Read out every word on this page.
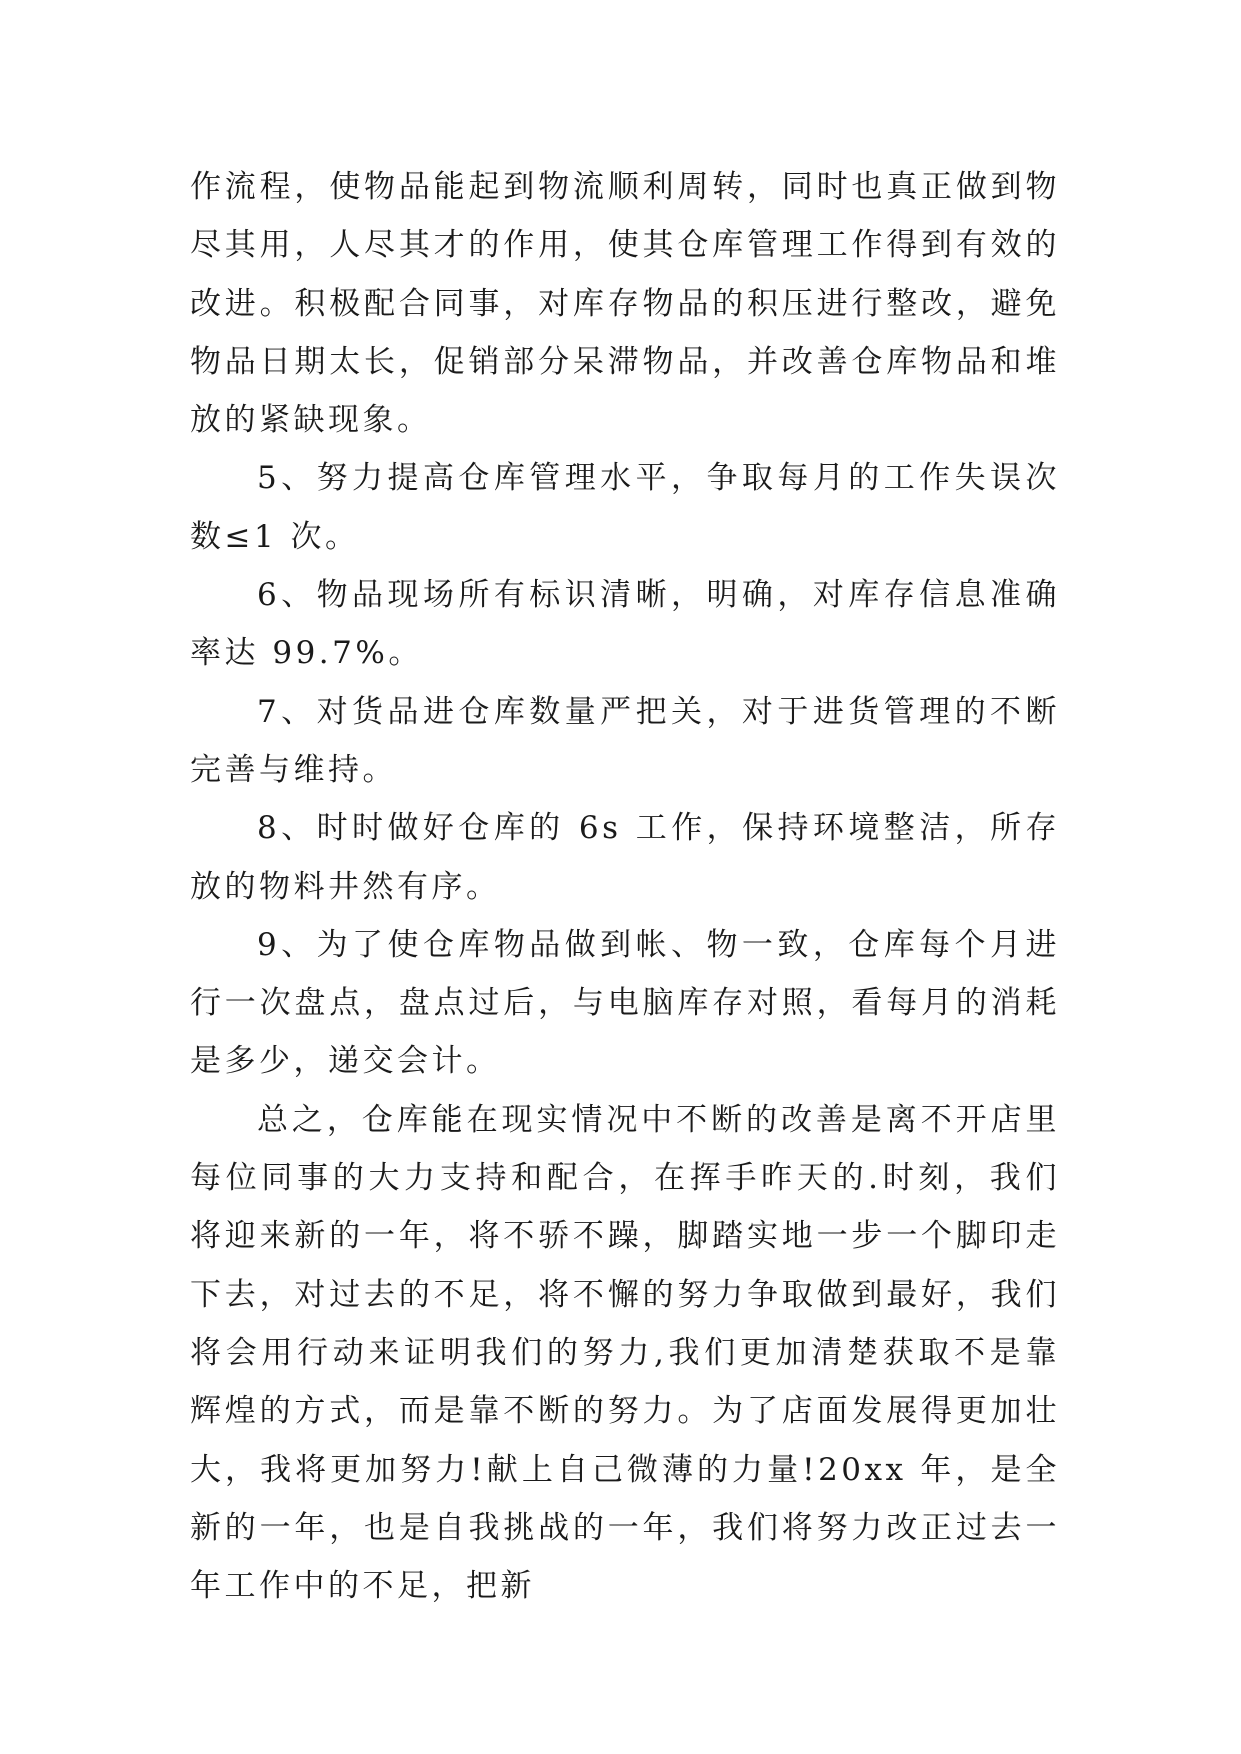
作流程，使物品能起到物流顺利周转，同时也真正做到物尽其用，人尽其才的作用，使其仓库管理工作得到有效的改进。积极配合同事，对库存物品的积压进行整改，避免物品日期太长，促销部分呆滞物品，并改善仓库物品和堆放的紧缺现象。

5、努力提高仓库管理水平，争取每月的工作失误次数≤1 次。

6、物品现场所有标识清晰，明确，对库存信息准确率达 99.7%。

7、对货品进仓库数量严把关，对于进货管理的不断完善与维持。

8、时时做好仓库的 6s 工作，保持环境整洁，所存放的物料井然有序。

9、为了使仓库物品做到帐、物一致，仓库每个月进行一次盘点，盘点过后，与电脑库存对照，看每月的消耗是多少，递交会计。

总之，仓库能在现实情况中不断的改善是离不开店里每位同事的大力支持和配合，在挥手昨天的.时刻，我们将迎来新的一年，将不骄不躁，脚踏实地一步一个脚印走下去，对过去的不足，将不懈的努力争取做到最好，我们将会用行动来证明我们的努力,我们更加清楚获取不是靠辉煌的方式，而是靠不断的努力。为了店面发展得更加壮大，我将更加努力!献上自己微薄的力量!20xx 年，是全新的一年，也是自我挑战的一年，我们将努力改正过去一年工作中的不足，把新
